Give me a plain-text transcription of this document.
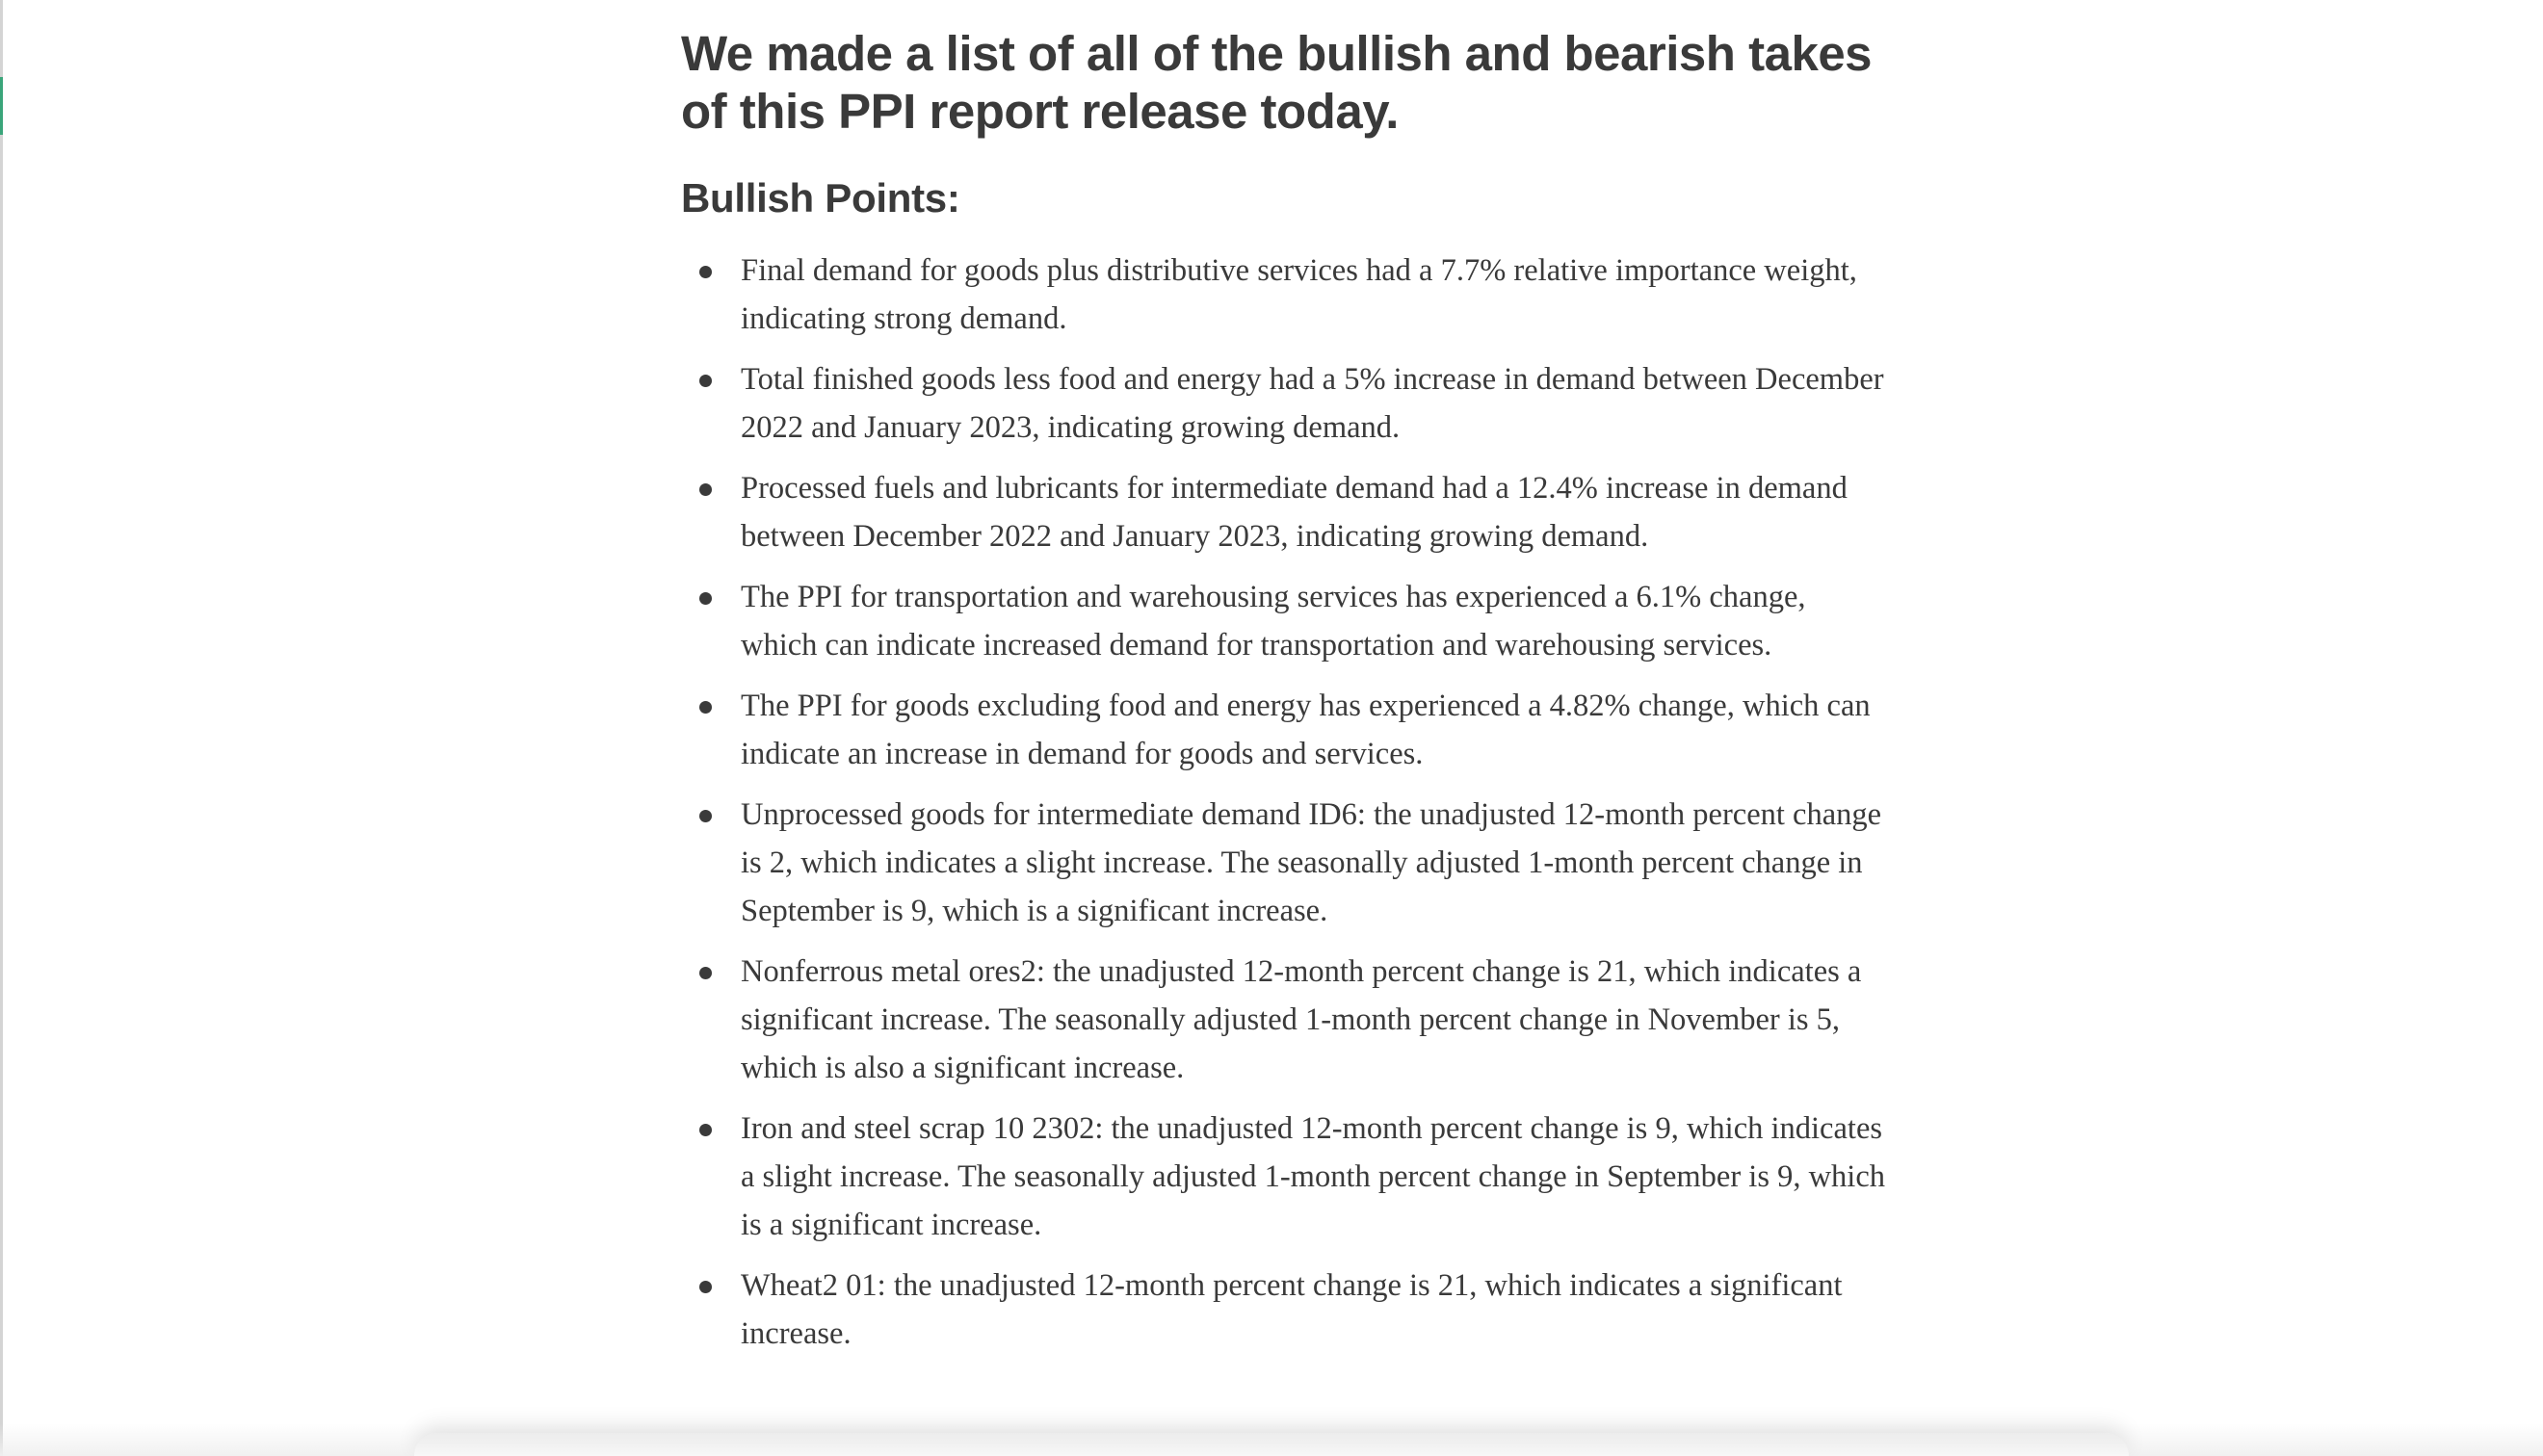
We made a list of all of the bullish and bearish takes of this PPI report release today.
Bullish Points:
Final demand for goods plus distributive services had a 7.7% relative importance weight, indicating strong demand.
Total finished goods less food and energy had a 5% increase in demand between December 2022 and January 2023, indicating growing demand.
Processed fuels and lubricants for intermediate demand had a 12.4% increase in demand between December 2022 and January 2023, indicating growing demand.
The PPI for transportation and warehousing services has experienced a 6.1% change, which can indicate increased demand for transportation and warehousing services.
The PPI for goods excluding food and energy has experienced a 4.82% change, which can indicate an increase in demand for goods and services.
Unprocessed goods for intermediate demand ID6: the unadjusted 12-month percent change is 2, which indicates a slight increase. The seasonally adjusted 1-month percent change in September is 9, which is a significant increase.
Nonferrous metal ores2: the unadjusted 12-month percent change is 21, which indicates a significant increase. The seasonally adjusted 1-month percent change in November is 5, which is also a significant increase.
Iron and steel scrap 10 2302: the unadjusted 12-month percent change is 9, which indicates a slight increase. The seasonally adjusted 1-month percent change in September is 9, which is a significant increase.
Wheat2 01: the unadjusted 12-month percent change is 21, which indicates a significant increase.
